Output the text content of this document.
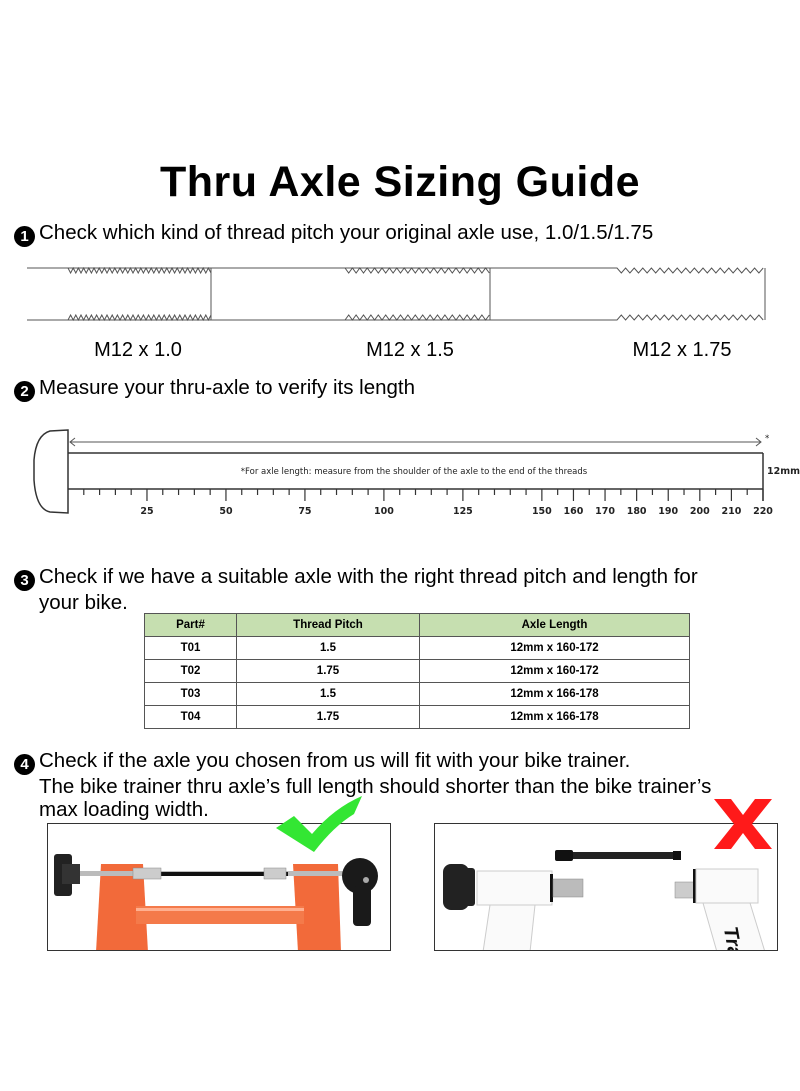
Thru Axle Sizing Guide
1 Check which kind of thread pitch your original axle use, 1.0/1.5/1.75
M12 x 1.0	M12 x 1.5	M12 x 1.75
2 Measure your thru-axle to verify its length
*
*For axle length: measure from the shoulder of the axle to the end of the threads	12mm
25	50	75	100	125	150 160 170 180 190 200 210 220
3 Check if we have a suitable axle with the right thread pitch and length for
your bike.
Part#	Thread Pitch	Axle Length
T01	1.5	12mm x 160-172
T02	1.75	12mm x 160-172
T03	1.5	12mm x 166-178
T04	1.75	12mm x 166-178
4 Check if the axle you chosen from us will fit with your bike trainer.
The bike trainer thru axle’s full length should shorter than the bike trainer’s
max loading width.
Tra
